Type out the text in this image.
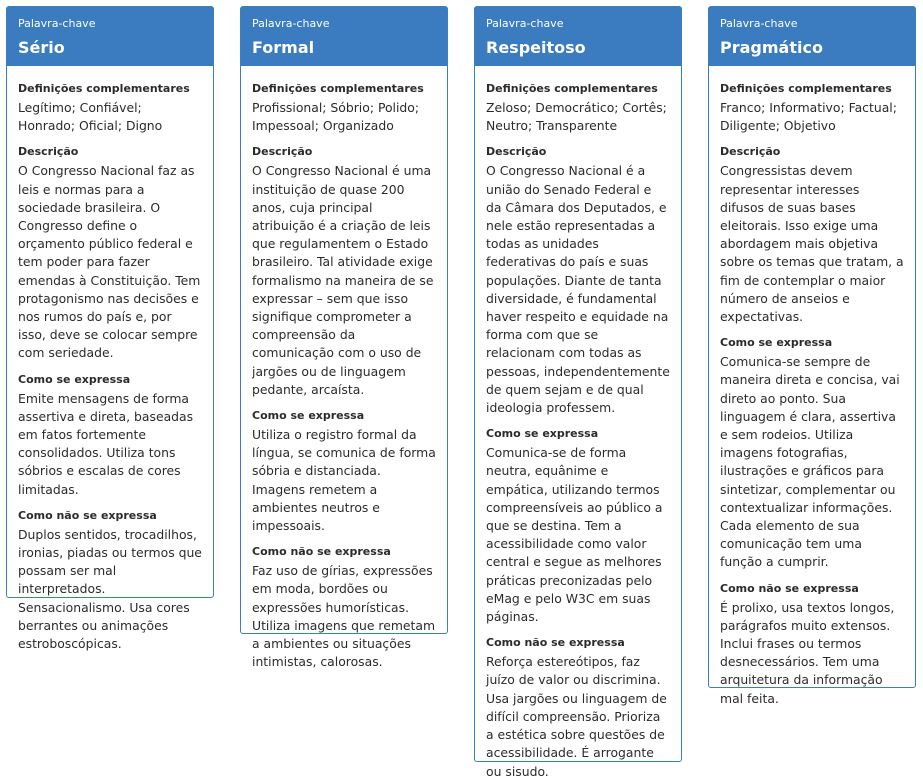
Palavra-chave
Sério
Definições complementares
Legítimo; Confiável; Honrado; Oficial; Digno
Descrição
O Congresso Nacional faz as leis e normas para a sociedade brasileira. O Congresso define o orçamento público federal e tem poder para fazer emendas à Constituição. Tem protagonismo nas decisões e nos rumos do país e, por isso, deve se colocar sempre com seriedade.
Como se expressa
Emite mensagens de forma assertiva e direta, baseadas em fatos fortemente consolidados. Utiliza tons sóbrios e escalas de cores limitadas.
Como não se expressa
Duplos sentidos, trocadilhos, ironias, piadas ou termos que possam ser mal interpretados. Sensacionalismo. Usa cores berrantes ou animações estroboscópicas.
Palavra-chave
Formal
Definições complementares
Profissional; Sóbrio; Polido; Impessoal; Organizado
Descrição
O Congresso Nacional é uma instituição de quase 200 anos, cuja principal atribuição é a criação de leis que regulamentem o Estado brasileiro. Tal atividade exige formalismo na maneira de se expressar – sem que isso signifique comprometer a compreensão da comunicação com o uso de jargões ou de linguagem pedante, arcaísta.
Como se expressa
Utiliza o registro formal da língua, se comunica de forma sóbria e distanciada. Imagens remetem a ambientes neutros e impessoais.
Como não se expressa
Faz uso de gírias, expressões em moda, bordões ou expressões humorísticas. Utiliza imagens que remetam a ambientes ou situações intimistas, calorosas.
Palavra-chave
Respeitoso
Definições complementares
Zeloso; Democrático; Cortês; Neutro; Transparente
Descrição
O Congresso Nacional é a união do Senado Federal e da Câmara dos Deputados, e nele estão representadas a todas as unidades federativas do país e suas populações. Diante de tanta diversidade, é fundamental haver respeito e equidade na forma com que se relacionam com todas as pessoas, independentemente de quem sejam e de qual ideologia professem.
Como se expressa
Comunica-se de forma neutra, equânime e empática, utilizando termos compreensíveis ao público a que se destina. Tem a acessibilidade como valor central e segue as melhores práticas preconizadas pelo eMag e pelo W3C em suas páginas.
Como não se expressa
Reforça estereótipos, faz juízo de valor ou discrimina. Usa jargões ou linguagem de difícil compreensão. Prioriza a estética sobre questões de acessibilidade. É arrogante ou sisudo.
Palavra-chave
Pragmático
Definições complementares
Franco; Informativo; Factual; Diligente; Objetivo
Descrição
Congressistas devem representar interesses difusos de suas bases eleitorais. Isso exige uma abordagem mais objetiva sobre os temas que tratam, a fim de contemplar o maior número de anseios e expectativas.
Como se expressa
Comunica-se sempre de maneira direta e concisa, vai direto ao ponto. Sua linguagem é clara, assertiva e sem rodeios. Utiliza imagens fotografias, ilustrações e gráficos para sintetizar, complementar ou contextualizar informações. Cada elemento de sua comunicação tem uma função a cumprir.
Como não se expressa
É prolixo, usa textos longos, parágrafos muito extensos. Inclui frases ou termos desnecessários. Tem uma arquitetura da informação mal feita.
